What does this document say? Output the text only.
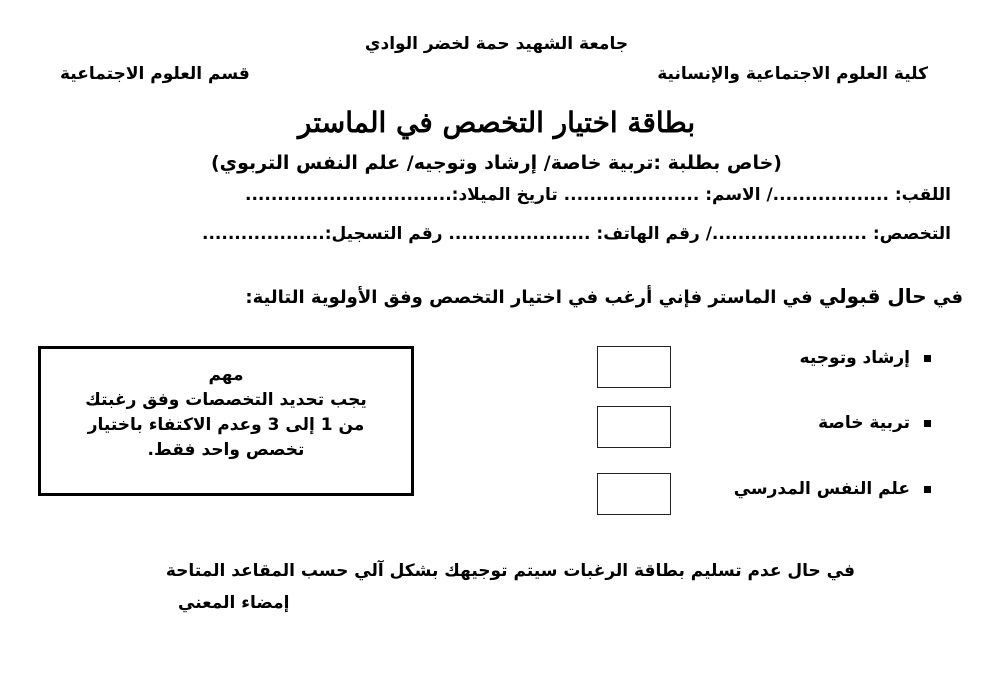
جامعة الشهيد حمة لخضر الوادي
كلية العلوم الاجتماعية والإنسانية
قسم العلوم الاجتماعية
بطاقة اختيار التخصص في الماستر
(خاص بطلبة :تربية خاصة/ إرشاد وتوجيه/ علم النفس التربوي)
اللقب: ................../ الاسم: ..................... تاريخ الميلاد:................................
التخصص: ......................../ رقم الهاتف: ...................... رقم التسجيل:...................
في حال قبولي في الماستر فإني أرغب في اختيار التخصص وفق الأولوية التالية:
مهم
يجب تحديد التخصصات وفق رغبتك
من 1 إلى 3 وعدم الاكتفاء باختيار
تخصص واحد فقط.
إرشاد وتوجيه
تربية خاصة
علم النفس المدرسي
في حال عدم تسليم بطاقة الرغبات سيتم توجيهك بشكل آلي حسب المقاعد المتاحة
إمضاء المعني
